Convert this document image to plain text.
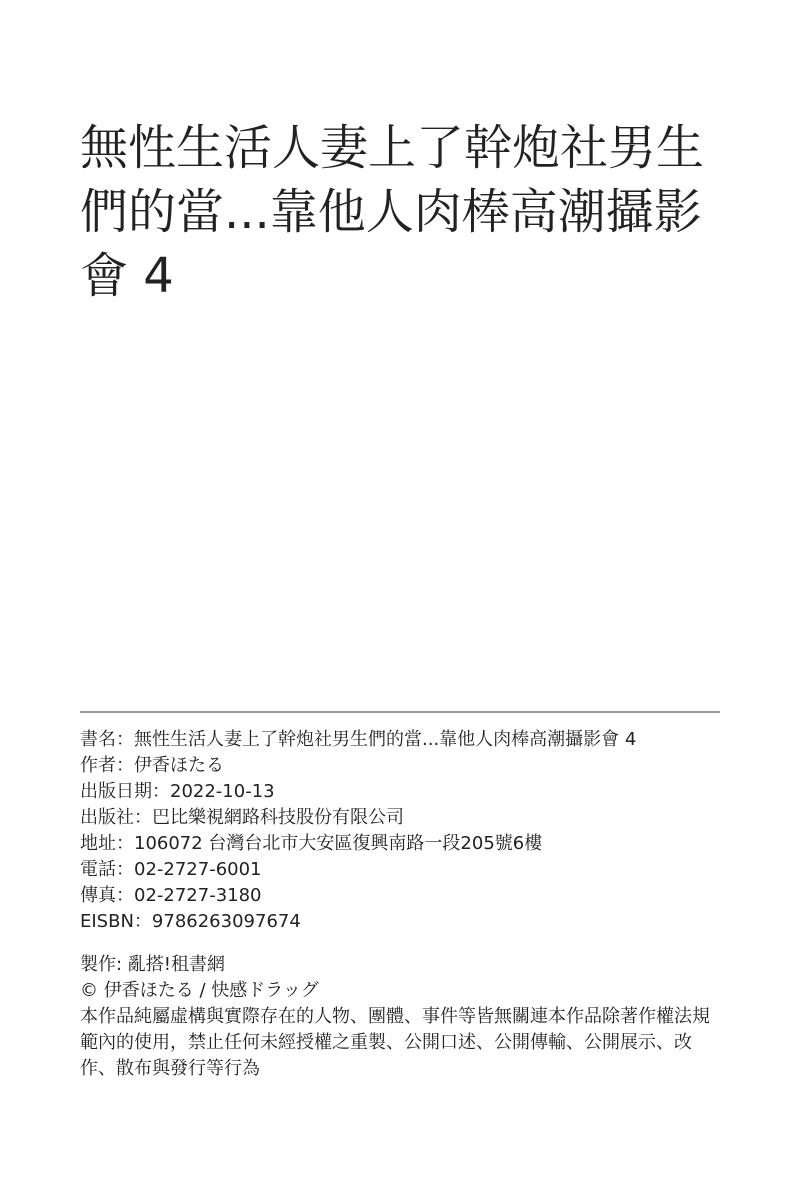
無性生活人妻上了幹炮社男生們的當...靠他人肉棒高潮攝影會 4

書名：無性生活人妻上了幹炮社男生們的當...靠他人肉棒高潮攝影會 4

作者：伊香ほたる

出版日期：2022-10-13

出版社：巴比樂視網路科技股份有限公司

地址：106072 台灣台北市大安區復興南路一段205號6樓

電話：02-2727-6001

傳真：02-2727-3180

EISBN：9786263097674

製作: 亂搭!租書網

© 伊香ほたる / 快感ドラッグ

本作品純屬虛構與實際存在的人物、團體、事件等皆無關連本作品除著作權法規範內的使用，禁止任何未經授權之重製、公開口述、公開傳輸、公開展示、改作、散布與發行等行為
